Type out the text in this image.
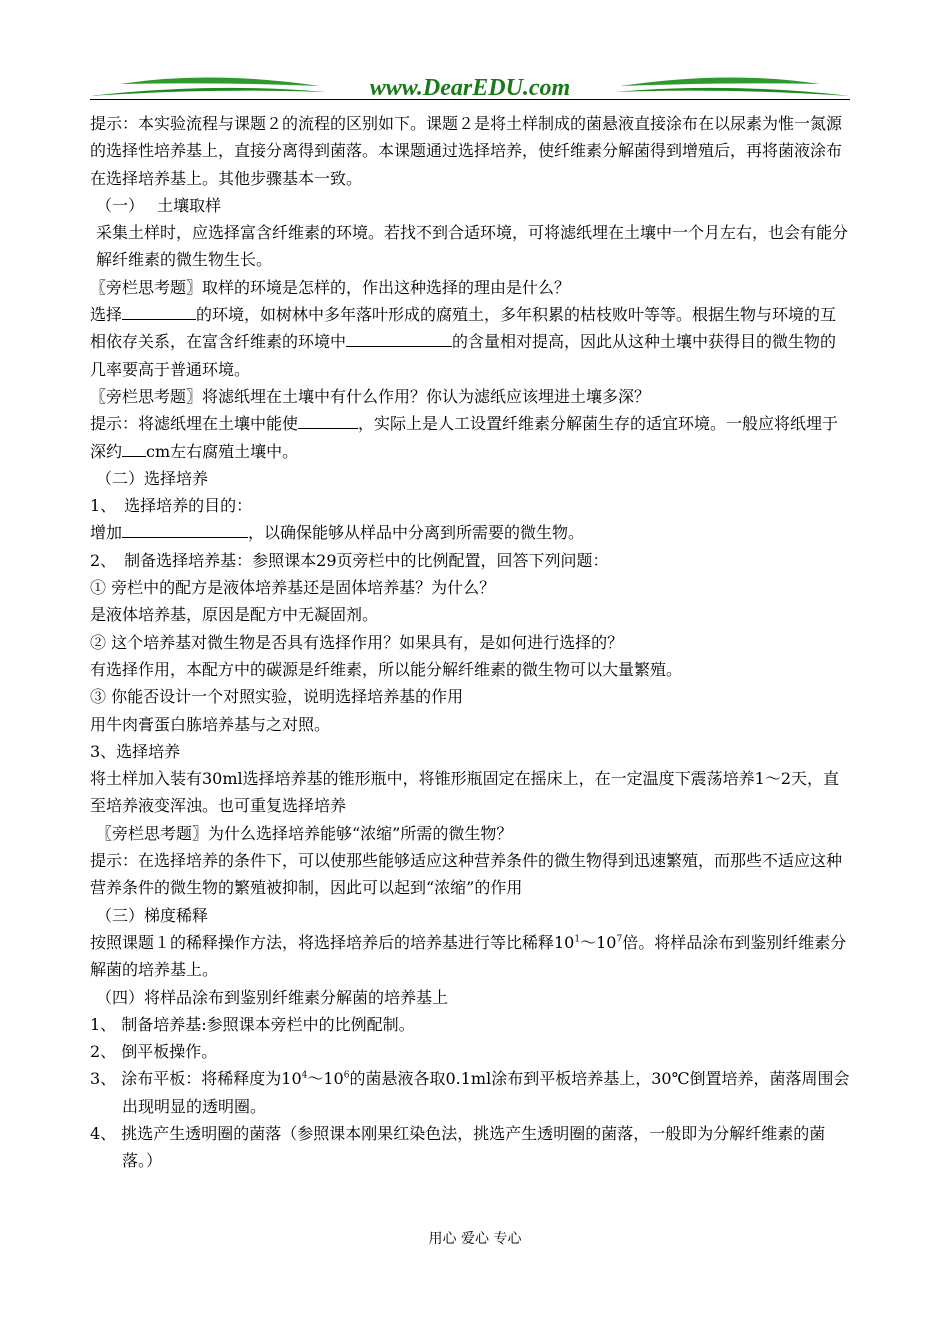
www.DearEDU.com

提示：本实验流程与课题２的流程的区别如下。课题２是将土样制成的菌悬液直接涂布在以尿素为惟一氮源的选择性培养基上，直接分离得到菌落。本课题通过选择培养，使纤维素分解菌得到增殖后，再将菌液涂布在选择培养基上。其他步骤基本一致。

（一）　 土壤取样

采集土样时，应选择富含纤维素的环境。若找不到合适环境，可将滤纸埋在土壤中一个月左右，也会有能分解纤维素的微生物生长。

〖旁栏思考题〗取样的环境是怎样的，作出这种选择的理由是什么？

选择	的环境，如树林中多年落叶形成的腐殖土，多年积累的枯枝败叶等等。根据生物与环境的互相依存关系，在富含纤维素的环境中	的含量相对提高，因此从这种土壤中获得目的微生物的几率要高于普通环境。

〖旁栏思考题〗将滤纸埋在土壤中有什么作用？你认为滤纸应该埋进土壤多深？

提示：将滤纸埋在土壤中能使	，实际上是人工设置纤维素分解菌生存的适宜环境。一般应将纸埋于深约 cm左右腐殖土壤中。

（二）选择培养

1、　选择培养的目的：

增加	，以确保能够从样品中分离到所需要的微生物。

2、　制备选择培养基：参照课本29页旁栏中的比例配置，回答下列问题：

① 旁栏中的配方是液体培养基还是固体培养基？为什么？

是液体培养基，原因是配方中无凝固剂。

② 这个培养基对微生物是否具有选择作用？如果具有，是如何进行选择的？

有选择作用，本配方中的碳源是纤维素，所以能分解纤维素的微生物可以大量繁殖。

③ 你能否设计一个对照实验，说明选择培养基的作用

用牛肉膏蛋白胨培养基与之对照。

3、选择培养

将土样加入装有30ml选择培养基的锥形瓶中，将锥形瓶固定在摇床上，在一定温度下震荡培养1～2天，直至培养液变浑浊。也可重复选择培养

〖旁栏思考题〗为什么选择培养能够“浓缩”所需的微生物？

提示：在选择培养的条件下，可以使那些能够适应这种营养条件的微生物得到迅速繁殖，而那些不适应这种营养条件的微生物的繁殖被抑制，因此可以起到“浓缩”的作用

（三）梯度稀释

按照课题１的稀释操作方法，将选择培养后的培养基进行等比稀释$10^1\sim 10^7$倍。将样品涂布到鉴别纤维素分解菌的培养基上。

（四）将样品涂布到鉴别纤维素分解菌的培养基上

1、 制备培养基:参照课本旁栏中的比例配制。

2、 倒平板操作。

3、 涂布平板：将稀释度为$10^4\sim 10^6$的菌悬液各取0.1ml涂布到平板培养基上，30℃倒置培养，菌落周围会出现明显的透明圈。

4、 挑选产生透明圈的菌落（参照课本刚果红染色法，挑选产生透明圈的菌落，一般即为分解纤维素的菌落。）

用心 爱心 专心
